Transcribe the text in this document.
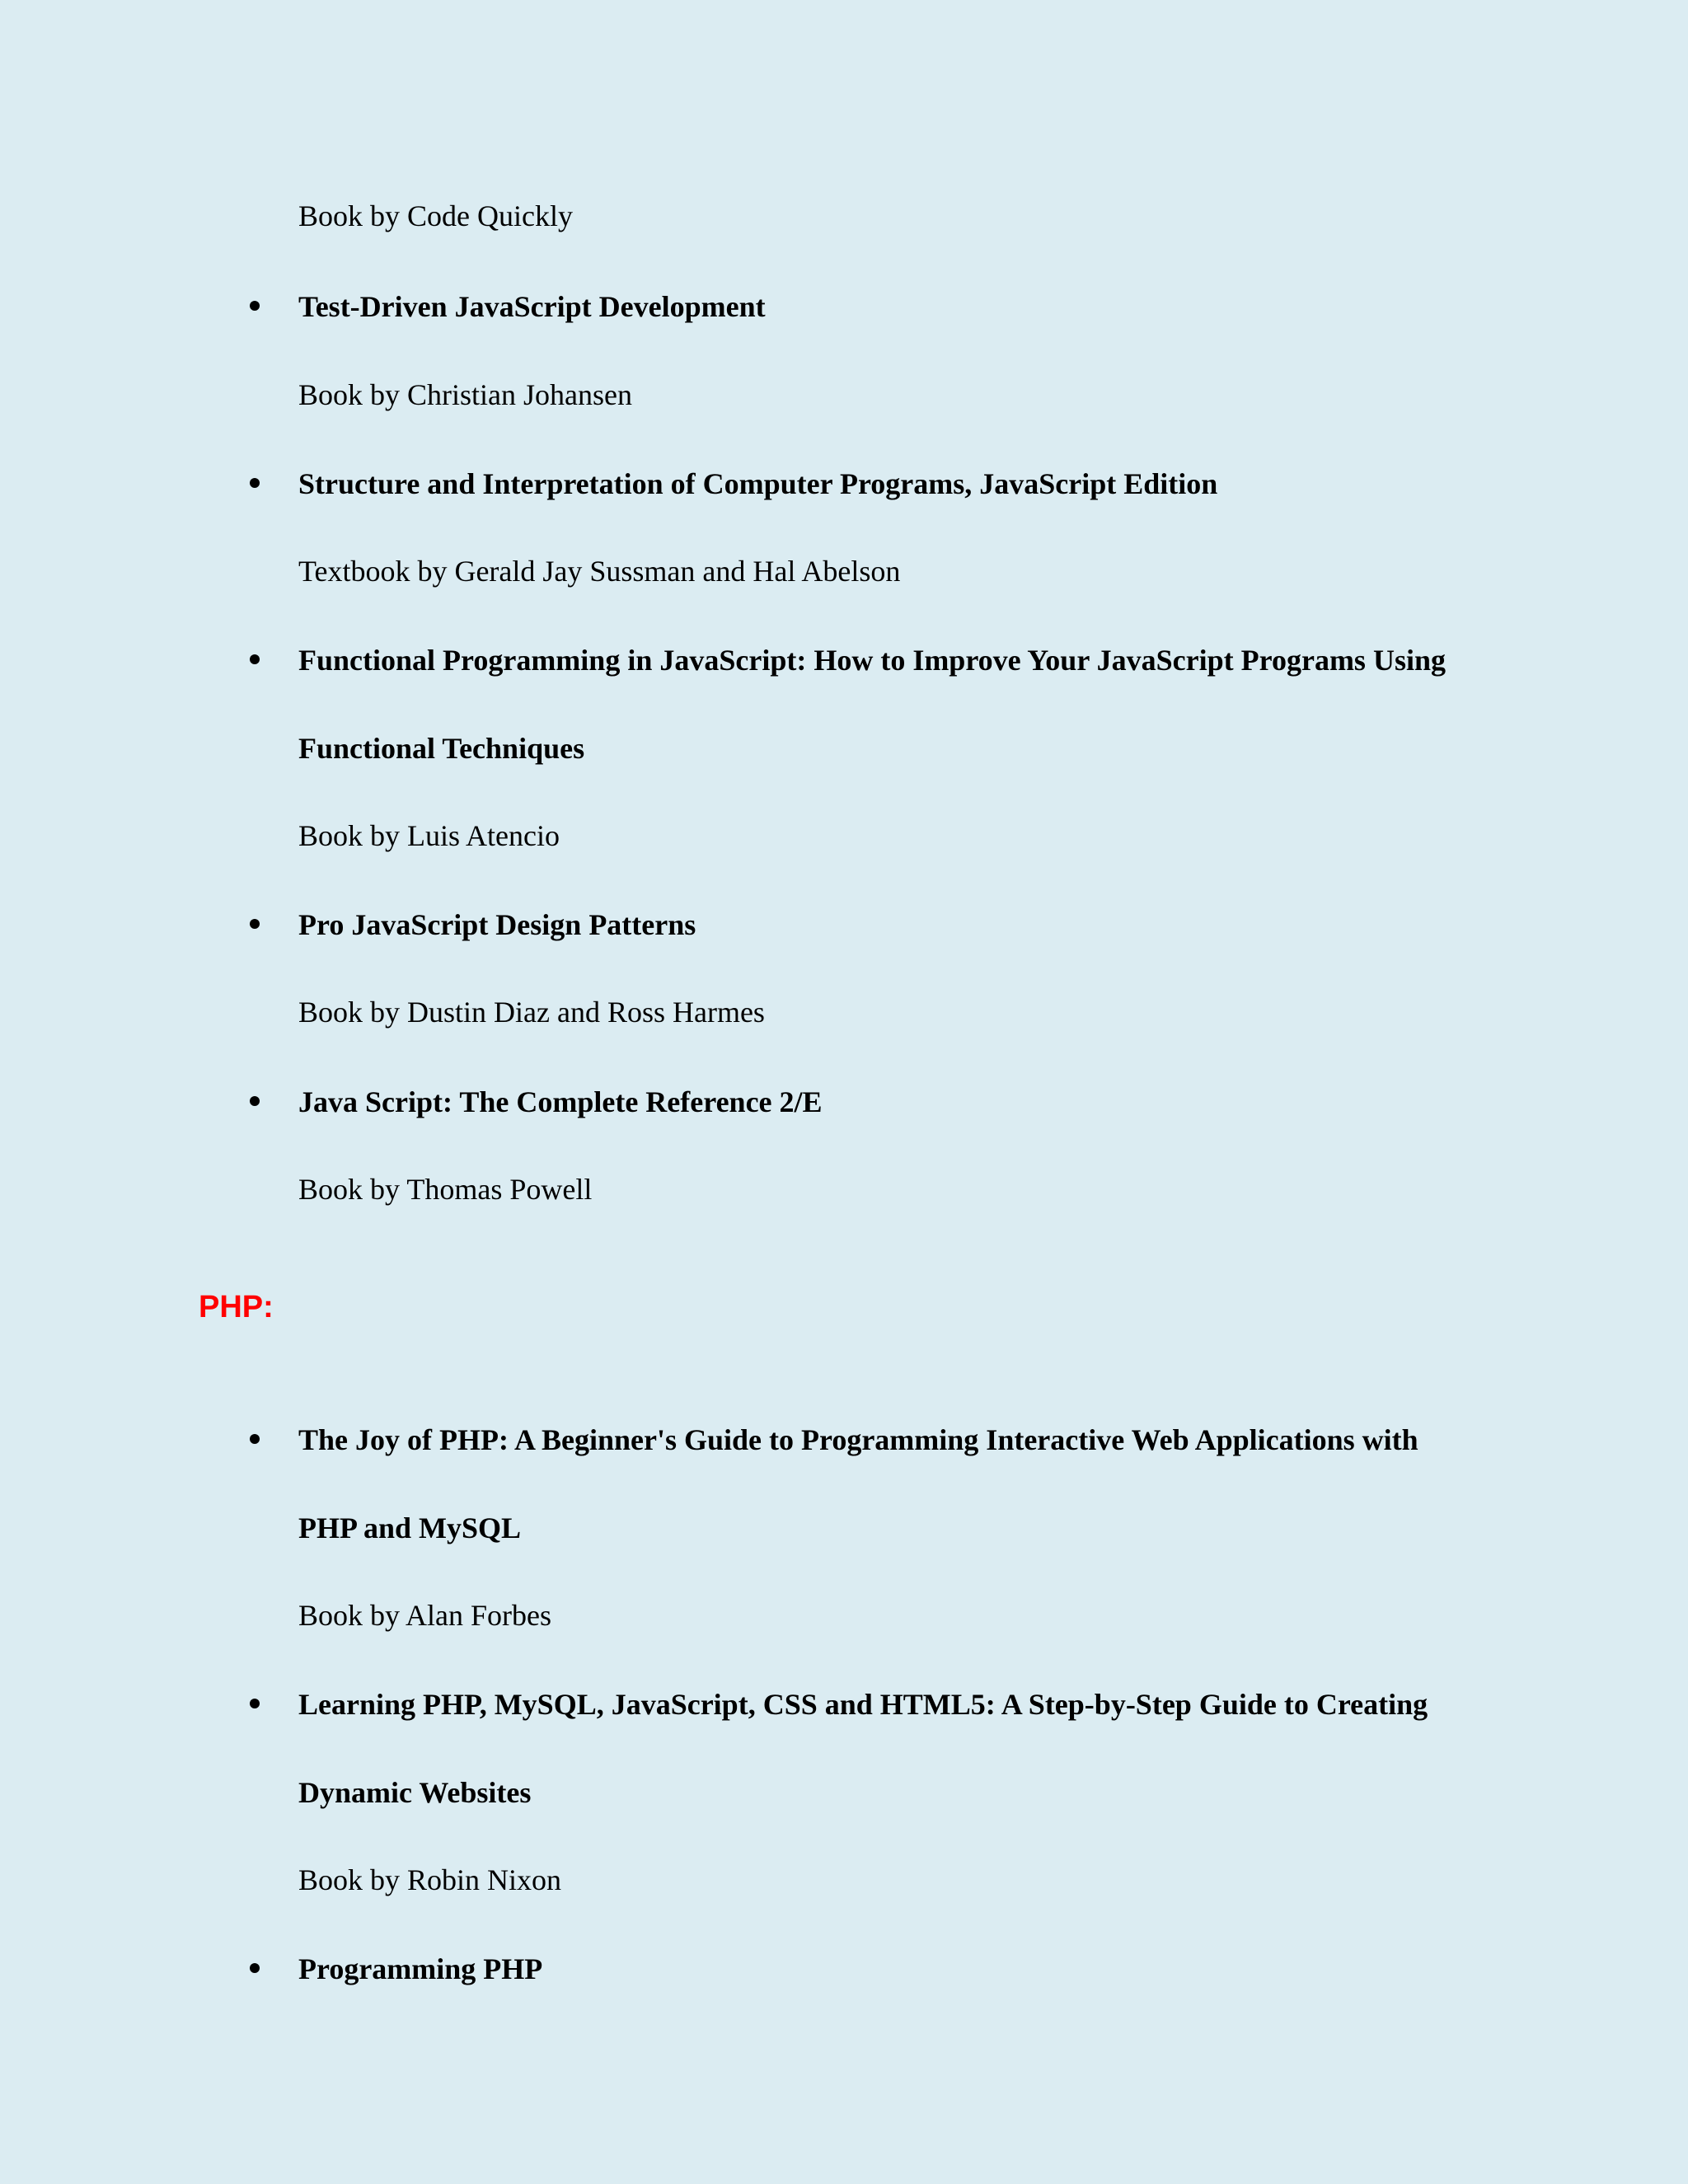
Book by Code Quickly
Test-Driven JavaScript Development
Book by Christian Johansen
Structure and Interpretation of Computer Programs, JavaScript Edition
Textbook by Gerald Jay Sussman and Hal Abelson
Functional Programming in JavaScript: How to Improve Your JavaScript Programs Using
Functional Techniques
Book by Luis Atencio
Pro JavaScript Design Patterns
Book by Dustin Diaz and Ross Harmes
Java Script: The Complete Reference 2/E
Book by Thomas Powell
PHP:
The Joy of PHP: A Beginner's Guide to Programming Interactive Web Applications with
PHP and MySQL
Book by Alan Forbes
Learning PHP, MySQL, JavaScript, CSS and HTML5: A Step-by-Step Guide to Creating
Dynamic Websites
Book by Robin Nixon
Programming PHP
